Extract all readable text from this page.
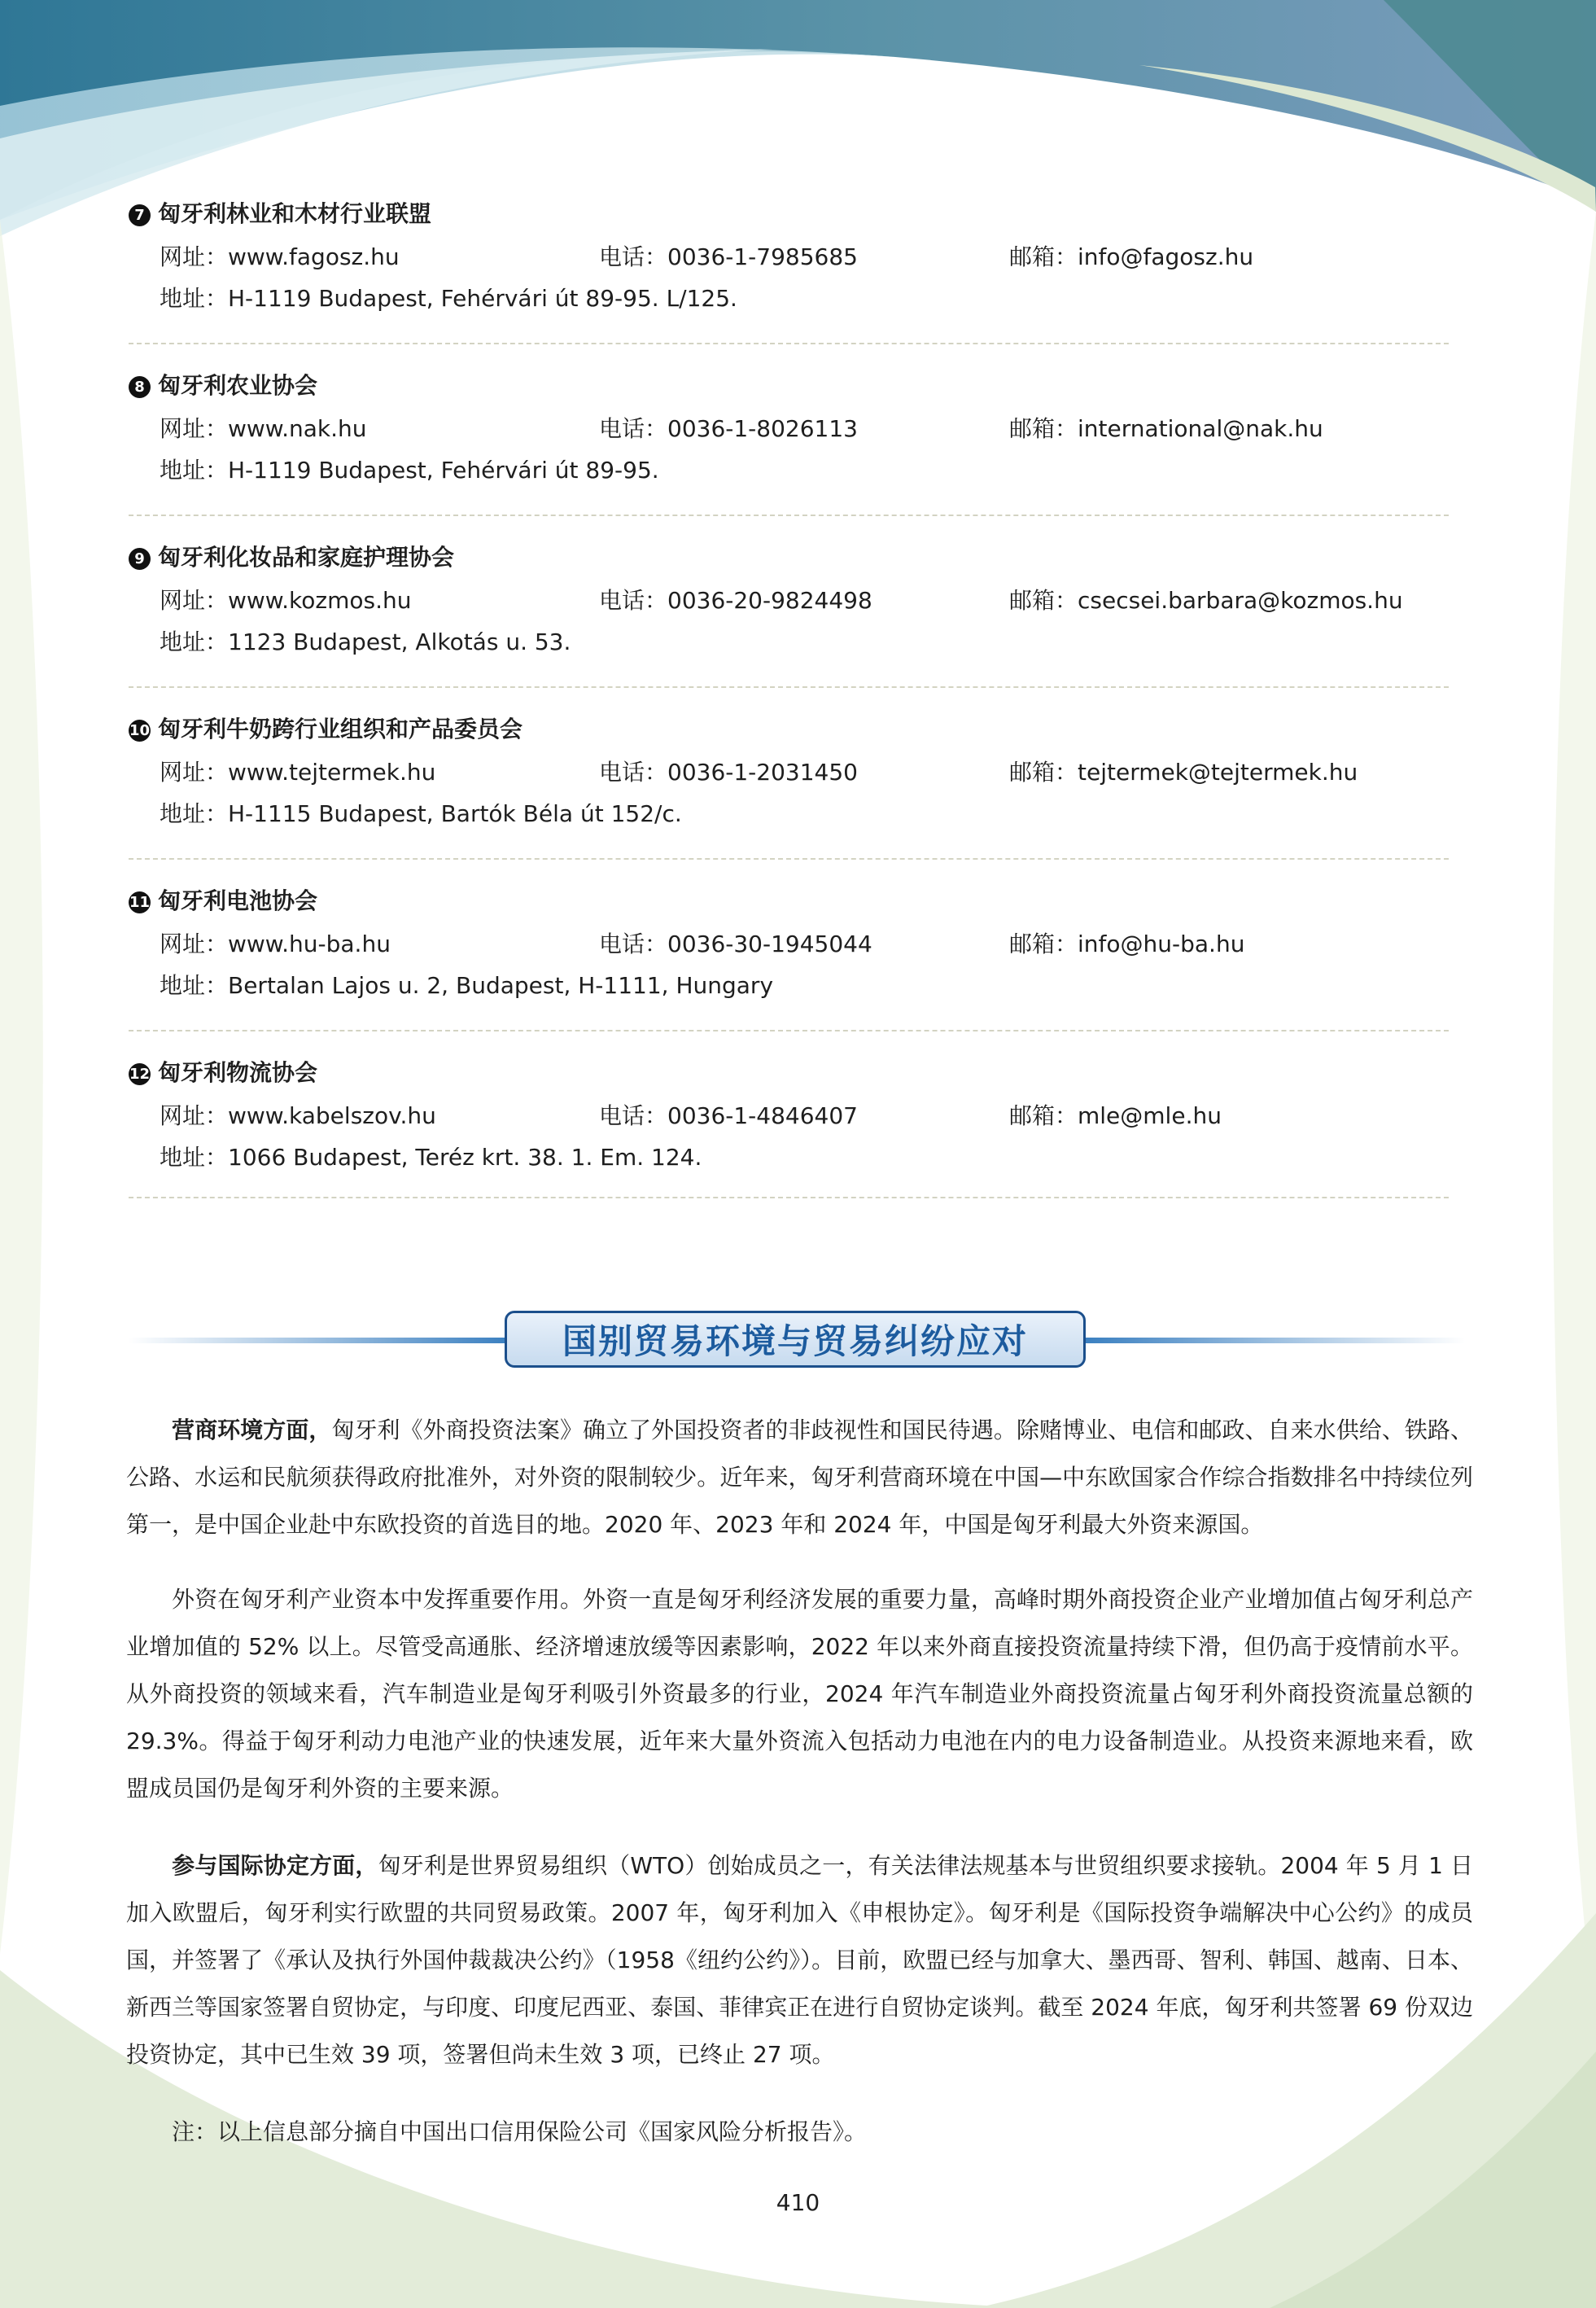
7 匈牙利林业和木材行业联盟
网址：www.fagosz.hu	电话：0036-1-7985685	邮箱：info@fagosz.hu
地址：H-1119 Budapest, Fehérvári út 89-95. L/125.
8 匈牙利农业协会
网址：www.nak.hu	电话：0036-1-8026113	邮箱：international@nak.hu
地址：H-1119 Budapest, Fehérvári út 89-95.
9 匈牙利化妆品和家庭护理协会
网址：www.kozmos.hu	电话：0036-20-9824498	邮箱：csecsei.barbara@kozmos.hu
地址：1123 Budapest, Alkotás u. 53.
10 匈牙利牛奶跨行业组织和产品委员会
网址：www.tejtermek.hu	电话：0036-1-2031450	邮箱：tejtermek@tejtermek.hu
地址：H-1115 Budapest, Bartók Béla út 152/c.
11 匈牙利电池协会
网址：www.hu-ba.hu	电话：0036-30-1945044	邮箱：info@hu-ba.hu
地址：Bertalan Lajos u. 2, Budapest, H-1111, Hungary
12 匈牙利物流协会
网址：www.kabelszov.hu	电话：0036-1-4846407	邮箱：mle@mle.hu
地址：1066 Budapest, Teréz krt. 38. 1. Em. 124.
国别贸易环境与贸易纠纷应对
营商环境方面，匈牙利《外商投资法案》确立了外国投资者的非歧视性和国民待遇。除赌博业、电信和邮政、自来水供给、铁路、公路、水运和民航须获得政府批准外，对外资的限制较少。近年来，匈牙利营商环境在中国—中东欧国家合作综合指数排名中持续位列第一，是中国企业赴中东欧投资的首选目的地。2020 年、2023 年和 2024 年，中国是匈牙利最大外资来源国。
外资在匈牙利产业资本中发挥重要作用。外资一直是匈牙利经济发展的重要力量，高峰时期外商投资企业产业增加值占匈牙利总产业增加值的 52% 以上。尽管受高通胀、经济增速放缓等因素影响，2022 年以来外商直接投资流量持续下滑，但仍高于疫情前水平。从外商投资的领域来看，汽车制造业是匈牙利吸引外资最多的行业，2024 年汽车制造业外商投资流量占匈牙利外商投资流量总额的 29.3%。得益于匈牙利动力电池产业的快速发展，近年来大量外资流入包括动力电池在内的电力设备制造业。从投资来源地来看，欧盟成员国仍是匈牙利外资的主要来源。
参与国际协定方面，匈牙利是世界贸易组织（WTO）创始成员之一，有关法律法规基本与世贸组织要求接轨。2004 年 5 月 1 日加入欧盟后，匈牙利实行欧盟的共同贸易政策。2007 年，匈牙利加入《申根协定》。匈牙利是《国际投资争端解决中心公约》的成员国，并签署了《承认及执行外国仲裁裁决公约》（1958《纽约公约》）。目前，欧盟已经与加拿大、墨西哥、智利、韩国、越南、日本、新西兰等国家签署自贸协定，与印度、印度尼西亚、泰国、菲律宾正在进行自贸协定谈判。截至 2024 年底，匈牙利共签署 69 份双边投资协定，其中已生效 39 项，签署但尚未生效 3 项，已终止 27 项。
注：以上信息部分摘自中国出口信用保险公司《国家风险分析报告》。
410
